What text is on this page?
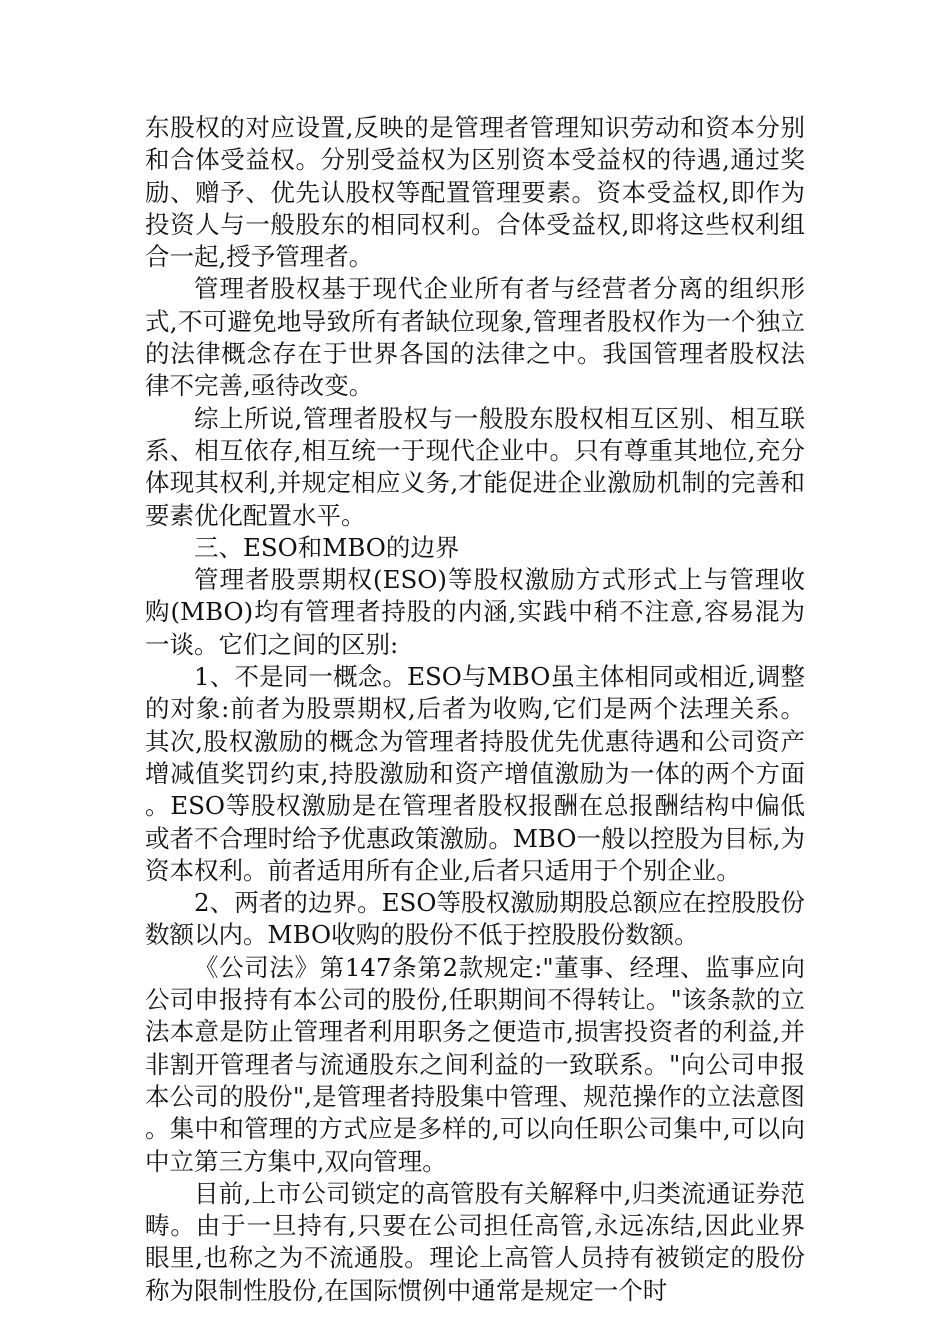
东股权的对应设置,反映的是管理者管理知识劳动和资本分别和合体受益权。分别受益权为区别资本受益权的待遇,通过奖励、赠予、优先认股权等配置管理要素。资本受益权,即作为投资人与一般股东的相同权利。合体受益权,即将这些权利组合一起,授予管理者。

管理者股权基于现代企业所有者与经营者分离的组织形式,不可避免地导致所有者缺位现象,管理者股权作为一个独立的法律概念存在于世界各国的法律之中。我国管理者股权法律不完善,亟待改变。

综上所说,管理者股权与一般股东股权相互区别、相互联系、相互依存,相互统一于现代企业中。只有尊重其地位,充分体现其权利,并规定相应义务,才能促进企业激励机制的完善和要素优化配置水平。

三、ESO和MBO的边界

管理者股票期权(ESO)等股权激励方式形式上与管理收购(MBO)均有管理者持股的内涵,实践中稍不注意,容易混为一谈。它们之间的区别:

1、不是同一概念。ESO与MBO虽主体相同或相近,调整的对象:前者为股票期权,后者为收购,它们是两个法理关系。其次,股权激励的概念为管理者持股优先优惠待遇和公司资产增减值奖罚约束,持股激励和资产增值激励为一体的两个方面。ESO等股权激励是在管理者股权报酬在总报酬结构中偏低或者不合理时给予优惠政策激励。MBO一般以控股为目标,为资本权利。前者适用所有企业,后者只适用于个别企业。

2、两者的边界。ESO等股权激励期股总额应在控股股份数额以内。MBO收购的股份不低于控股股份数额。

《公司法》第147条第2款规定:"董事、经理、监事应向公司申报持有本公司的股份,任职期间不得转让。"该条款的立法本意是防止管理者利用职务之便造市,损害投资者的利益,并非割开管理者与流通股东之间利益的一致联系。"向公司申报本公司的股份",是管理者持股集中管理、规范操作的立法意图。集中和管理的方式应是多样的,可以向任职公司集中,可以向中立第三方集中,双向管理。

目前,上市公司锁定的高管股有关解释中,归类流通证券范畴。由于一旦持有,只要在公司担任高管,永远冻结,因此业界眼里,也称之为不流通股。理论上高管人员持有被锁定的股份称为限制性股份,在国际惯例中通常是规定一个时
